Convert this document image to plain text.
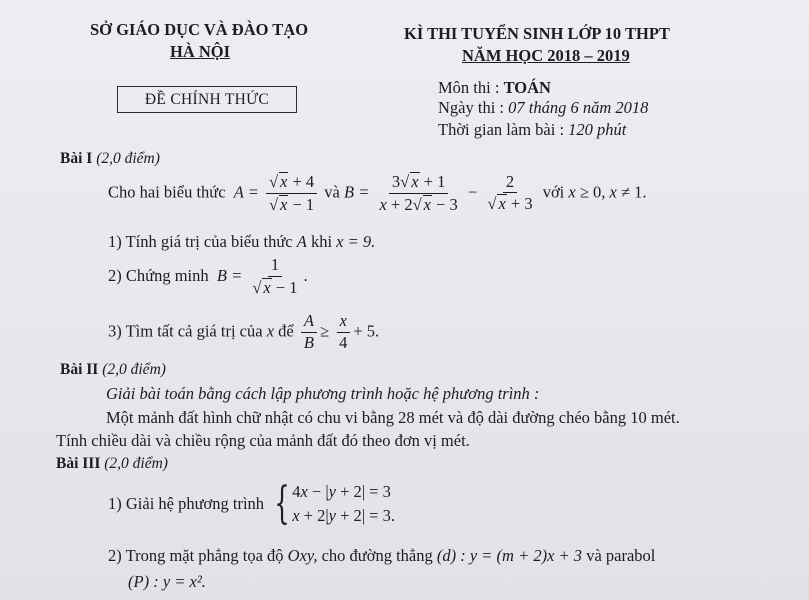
SỞ GIÁO DỤC VÀ ĐÀO TẠO
HÀ NỘI
KÌ THI TUYỂN SINH LỚP 10 THPT
NĂM HỌC 2018 – 2019
ĐỀ CHÍNH THỨC
Môn thi : TOÁN
Ngày thi : 07 tháng 6 năm 2018
Thời gian làm bài : 120 phút
Bài I (2,0 điểm)
Cho hai biểu thức  $A = \frac{√ x + 4}{√ x - 1}$ và $B = \frac{3√ x + 1}{x + 2√ x - 3} - \frac{2}{√ x + 3}$ với x ≥ 0, x ≠ 1.
1) Tính giá trị của biểu thức A khi x = 9.
2) Chứng minh  $B = \frac{1}{√ x - 1}$ .
3) Tìm tất cả giá trị của x để $\frac{A}{B} \ge \frac{x}{4} + 5$.
Bài II (2,0 điểm)
Giải bài toán bằng cách lập phương trình hoặc hệ phương trình :
Một mảnh đất hình chữ nhật có chu vi bằng 28 mét và độ dài đường chéo bằng 10 mét.
Tính chiều dài và chiều rộng của mảnh đất đó theo đơn vị mét.
Bài III (2,0 điểm)
1) Giải hệ phương trình { 4x − |y + 2| = 3
x + 2|y + 2| = 3 .
2) Trong mặt phẳng tọa độ Oxy, cho đường thẳng (d) : y = (m + 2)x + 3 và parabol
(P) : y = x².
